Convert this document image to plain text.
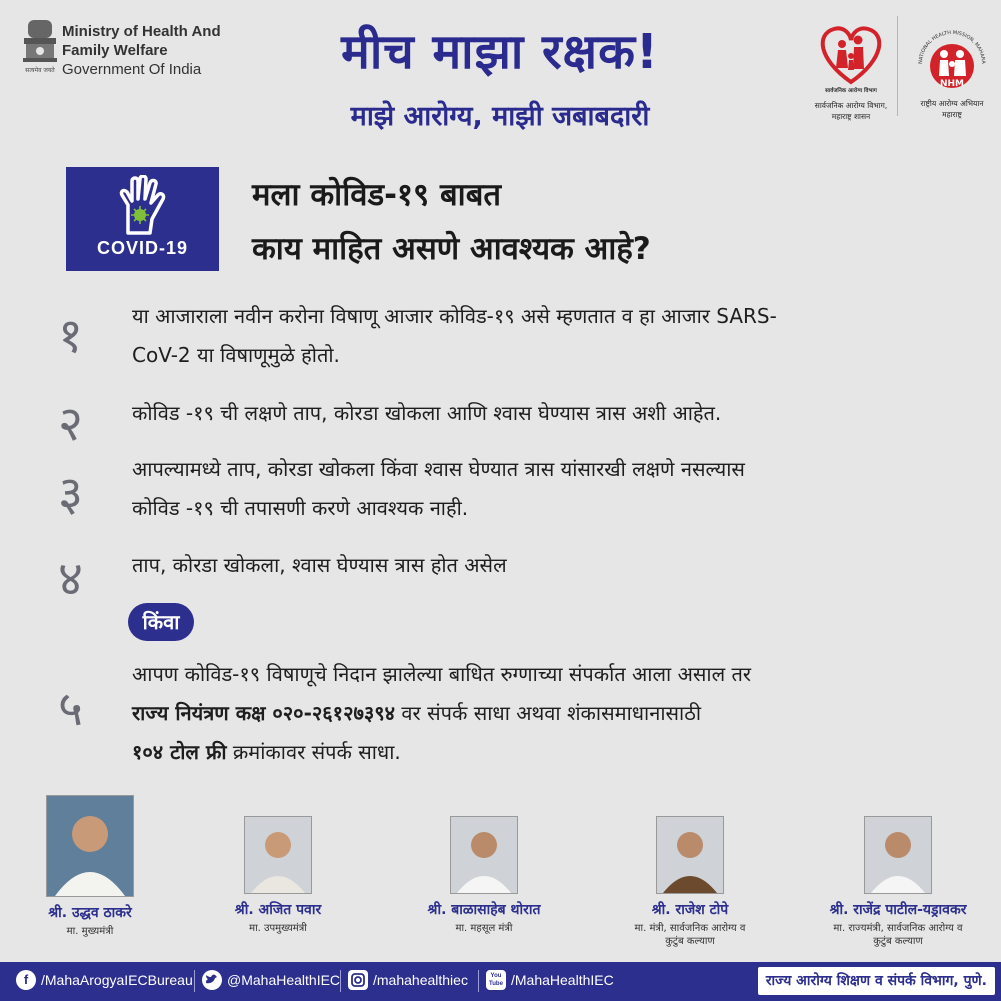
सत्यमेव जयते
Ministry of Health And
Family Welfare
Government Of India	मीच माझा रक्षक!
माझे आरोग्य, माझी जबाबदारी
सार्वजनिक आरोग्य विभाग
सार्वजनिक आरोग्य विभाग,
महाराष्ट्र शासन
NATIONAL HEALTH MISSION, MAHARA
NHM
राष्ट्रीय आरोग्य अभियान
महाराष्ट्र
COVID-19
मला कोविड-१९ बाबत
काय माहित असणे आवश्यक आहे?
१ या आजाराला नवीन करोना विषाणू आजार कोविड-१९ असे म्हणतात व हा आजार SARS-
CoV-2 या विषाणूमुळे होतो.
२ कोविड -१९ ची लक्षणे ताप, कोरडा खोकला आणि श्वास घेण्यास त्रास अशी आहेत.
३ आपल्यामध्ये ताप, कोरडा खोकला किंवा श्वास घेण्यात त्रास यांसारखी लक्षणे नसल्यास
कोविड -१९ ची तपासणी करणे आवश्यक नाही.
४ ताप, कोरडा खोकला, श्वास घेण्यास त्रास होत असेल
किंवा
५
आपण कोविड-१९ विषाणूचे निदान झालेल्या बाधित रुग्णाच्या संपर्कात आला असाल तर
राज्य नियंत्रण कक्ष ०२०-२६१२७३९४ वर संपर्क साधा अथवा शंकासमाधानासाठी
१०४ टोल फ्री क्रमांकावर संपर्क साधा.
श्री. उद्धव ठाकरे
मा. मुख्यमंत्री
श्री. अजित पवार
मा. उपमुख्यमंत्री
श्री. बाळासाहेब थोरात
मा. महसूल मंत्री
श्री. राजेश टोपे
मा. मंत्री, सार्वजनिक आरोग्य व
कुटुंब कल्याण
श्री. राजेंद्र पाटील-यड्रावकर
मा. राज्यमंत्री, सार्वजनिक आरोग्य व
कुटुंब कल्याण
f /MahaArogyaIECBureau @MahaHealthIEC /mahahealthiec	You Tube /MahaHealthIEC	राज्य आरोग्य शिक्षण व संपर्क विभाग, पुणे.
